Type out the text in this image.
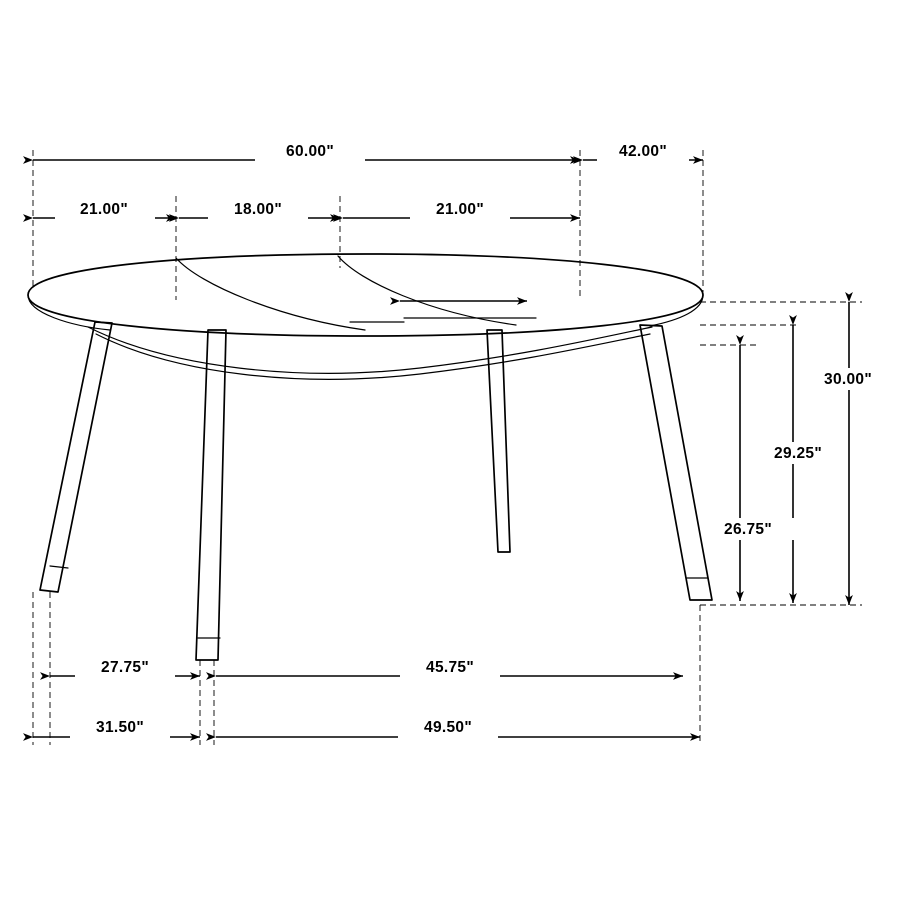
60.00"	42.00"
21.00"	18.00"	21.00"
30.00"
29.25"
26.75"
27.75"	45.75"
31.50"	49.50"
